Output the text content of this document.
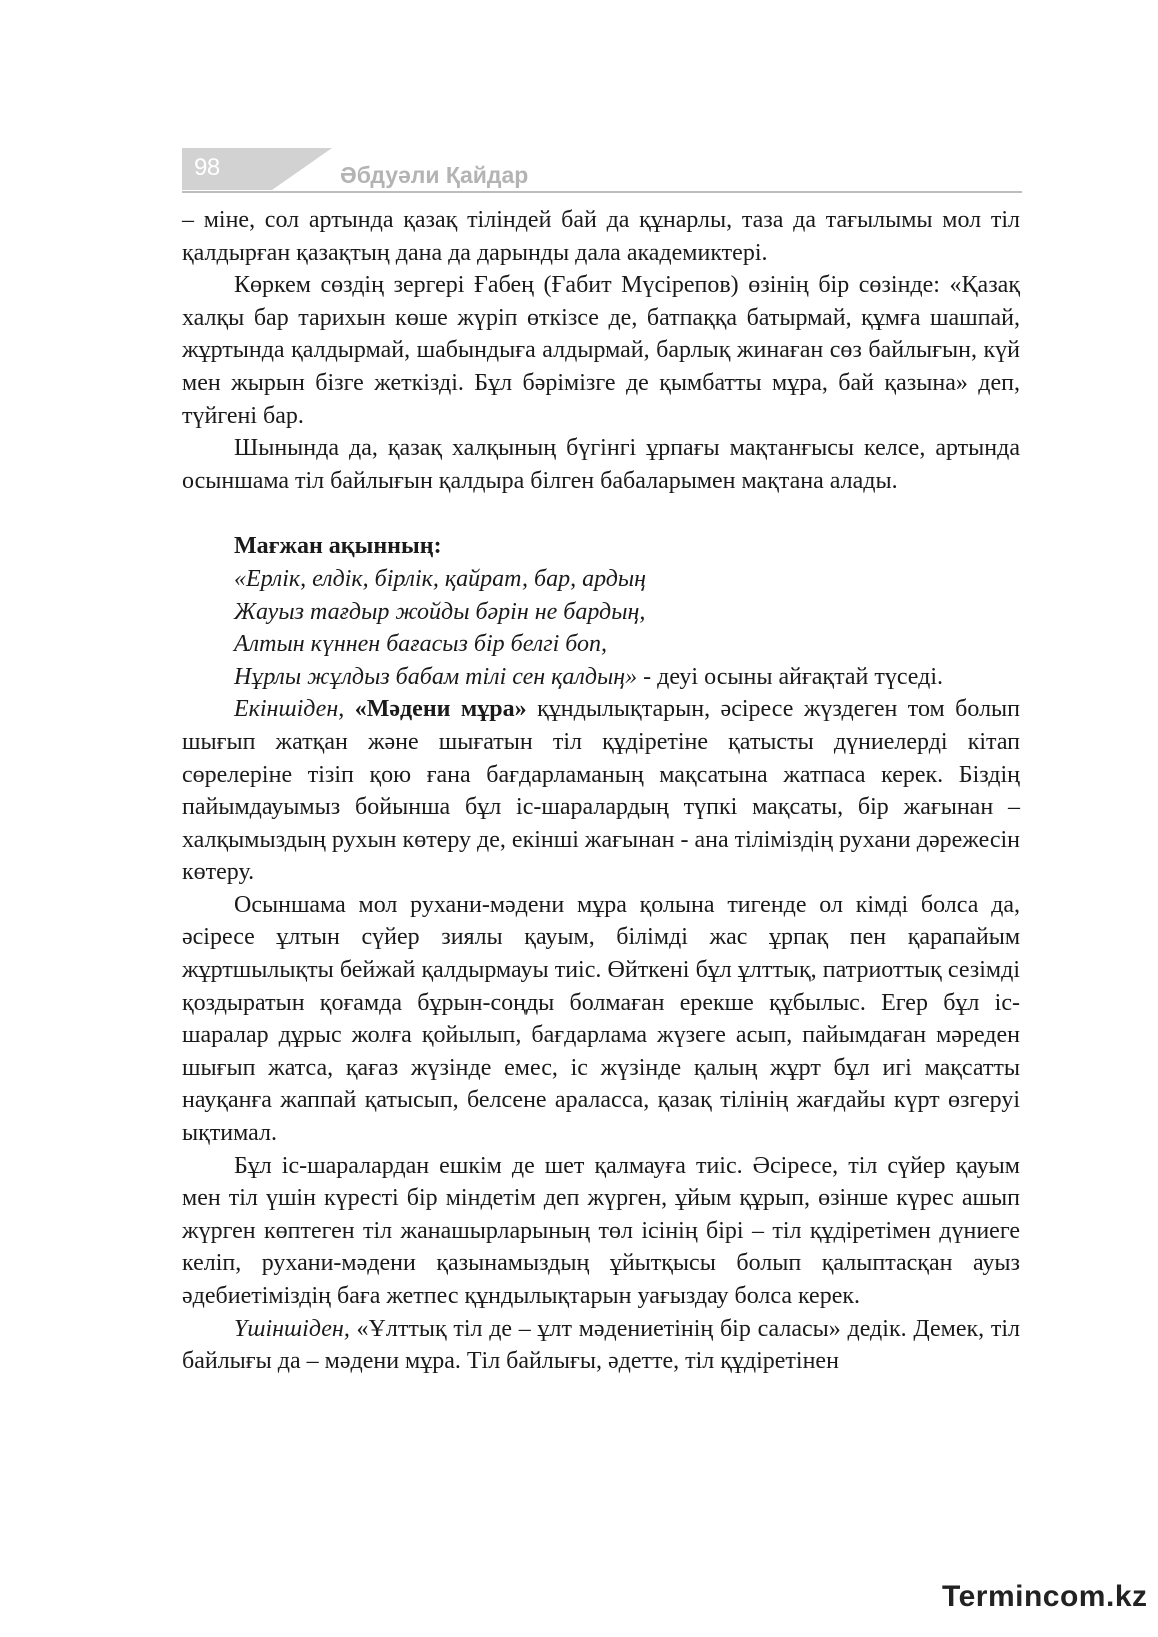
98	Әбдуәли Қайдар

– міне, сол артында қазақ тіліндей бай да құнарлы, таза да тағылымы мол тіл қалдырған қазақтың дана да дарынды дала академиктері.

Көркем сөздің зергері Ғабең (Ғабит Мүсірепов) өзінің бір сөзінде: «Қазақ халқы бар тарихын көше жүріп өткізсе де, батпаққа батырмай, құмға шашпай, жұртында қалдырмай, шабындыға алдырмай, барлық жинаған сөз байлығын, күй мен жырын бізге жеткізді. Бұл бәрімізге де қымбатты мұра, бай қазына» деп, түйгені бар.

Шынында да, қазақ халқының бүгінгі ұрпағы мақтанғысы келсе, артында осыншама тіл байлығын қалдыра білген бабаларымен мақтана алады.

Мағжан ақынның:

«Ерлік, елдік, бірлік, қайрат, бар, ардың

Жауыз тағдыр жойды бәрін не бардың,

Алтын күннен бағасыз бір белгі боп,

Нұрлы жұлдыз бабам тілі сен қалдың» - деуі осыны айғақтай түседі.

Екіншіден, «Мәдени мұра» құндылықтарын, әсіресе жүздеген том болып шығып жатқан және шығатын тіл құдіретіне қатысты дүниелерді кітап сөрелеріне тізіп қою ғана бағдарламаның мақсатына жатпаса керек. Біздің пайымдауымыз бойынша бұл іс-шаралардың түпкі мақсаты, бір жағынан – халқымыздың рухын көтеру де, екінші жағынан - ана тіліміздің рухани дәрежесін көтеру.

Осыншама мол рухани-мәдени мұра қолына тигенде ол кімді болса да, әсіресе ұлтын сүйер зиялы қауым, білімді жас ұрпақ пен қарапайым жұртшылықты бейжай қалдырмауы тиіс. Өйткені бұл ұлттық, патриоттық сезімді қоздыратын қоғамда бұрын-соңды болмаған ерекше құбылыс. Егер бұл іс-шаралар дұрыс жолға қойылып, бағдарлама жүзеге асып, пайымдаған мәреден шығып жатса, қағаз жүзінде емес, іс жүзінде қалың жұрт бұл игі мақсатты науқанға жаппай қатысып, белсене араласса, қазақ тілінің жағдайы күрт өзгеруі ықтимал.

Бұл іс-шаралардан ешкім де шет қалмауға тиіс. Әсіресе, тіл сүйер қауым мен тіл үшін күресті бір міндетім деп жүрген, ұйым құрып, өзінше күрес ашып жүрген көптеген тіл жанашырларының төл ісінің бірі – тіл құдіретімен дүниеге келіп, рухани-мәдени қазынамыздың ұйытқысы болып қалыптасқан ауыз әдебиетіміздің баға жетпес құндылықтарын уағыздау болса керек.

Үшіншіден, «Ұлттық тіл де – ұлт мәдениетінің бір саласы» дедік. Демек, тіл байлығы да – мәдени мұра. Тіл байлығы, әдетте, тіл құдіретінен

Termincom.kz
